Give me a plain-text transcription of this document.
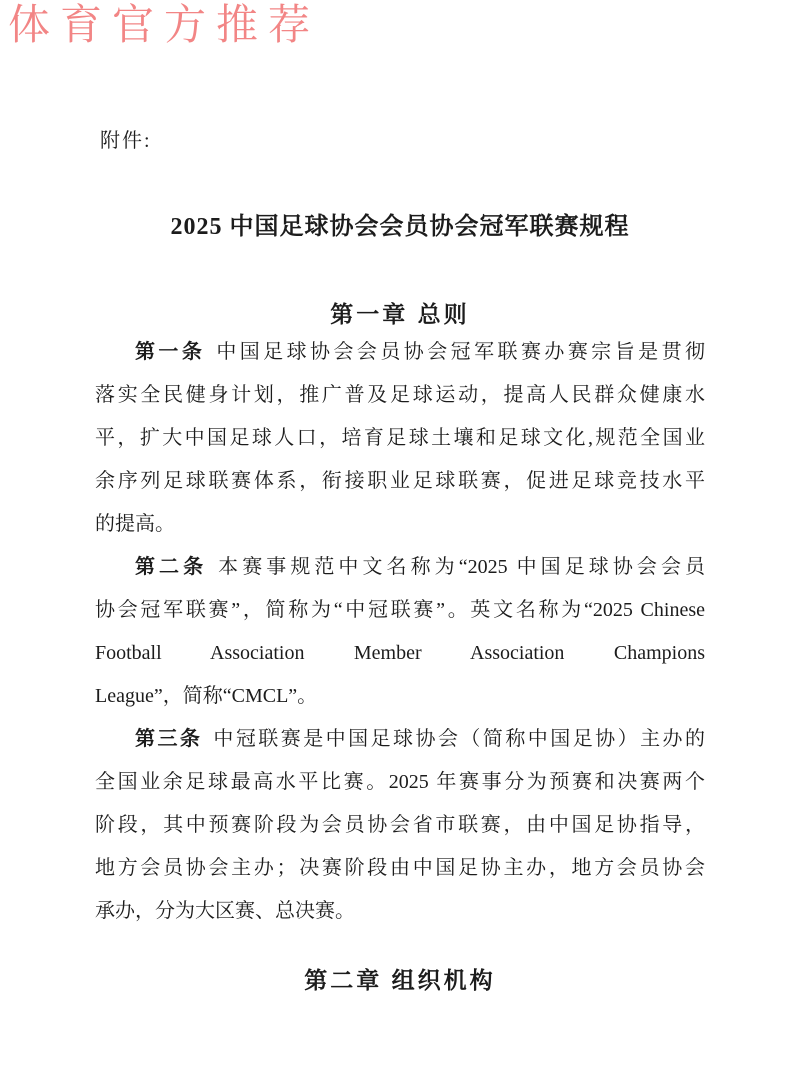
体育官方推荐
附件:
2025 中国足球协会会员协会冠军联赛规程
第一章 总则
第一条 中国足球协会会员协会冠军联赛办赛宗旨是贯彻
落实全民健身计划，推广普及足球运动，提高人民群众健康水
平，扩大中国足球人口，培育足球土壤和足球文化,规范全国业
余序列足球联赛体系，衔接职业足球联赛，促进足球竞技水平
的提高。
第二条 本赛事规范中文名称为“2025 中国足球协会会员
协会冠军联赛”，简称为“中冠联赛”。英文名称为“2025 Chinese
Football Association Member Association Champions
League”，简称“CMCL”。
第三条 中冠联赛是中国足球协会（简称中国足协）主办的
全国业余足球最高水平比赛。2025 年赛事分为预赛和决赛两个
阶段，其中预赛阶段为会员协会省市联赛，由中国足协指导，
地方会员协会主办；决赛阶段由中国足协主办，地方会员协会
承办，分为大区赛、总决赛。
第二章 组织机构
